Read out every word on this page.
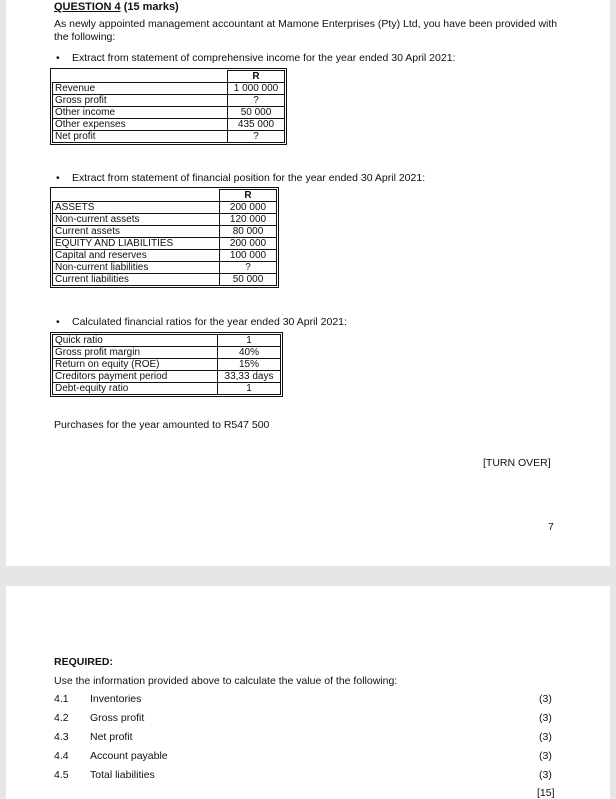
QUESTION 4 (15 marks)
As newly appointed management accountant at Mamone Enterprises (Pty) Ltd, you have been provided with the following:
• Extract from statement of comprehensive income for the year ended 30 April 2021:
	R
Revenue	1 000 000
Gross profit	?
Other income	50 000
Other expenses	435 000
Net profit	?
• Extract from statement of financial position for the year ended 30 April 2021:
	R
ASSETS	200 000
Non-current assets	120 000
Current assets	80 000
EQUITY AND LIABILITIES	200 000
Capital and reserves	100 000
Non-current liabilities	?
Current liabilities	50 000
• Calculated financial ratios for the year ended 30 April 2021:
Quick ratio	1
Gross profit margin	40%
Return on equity (ROE)	15%
Creditors payment period	33,33 days
Debt-equity ratio	1
Purchases for the year amounted to R547 500
[TURN OVER]
7
REQUIRED:
Use the information provided above to calculate the value of the following:
4.1 Inventories	(3)
4.2 Gross profit	(3)
4.3 Net profit	(3)
4.4 Account payable	(3)
4.5 Total liabilities	(3)
[15]
